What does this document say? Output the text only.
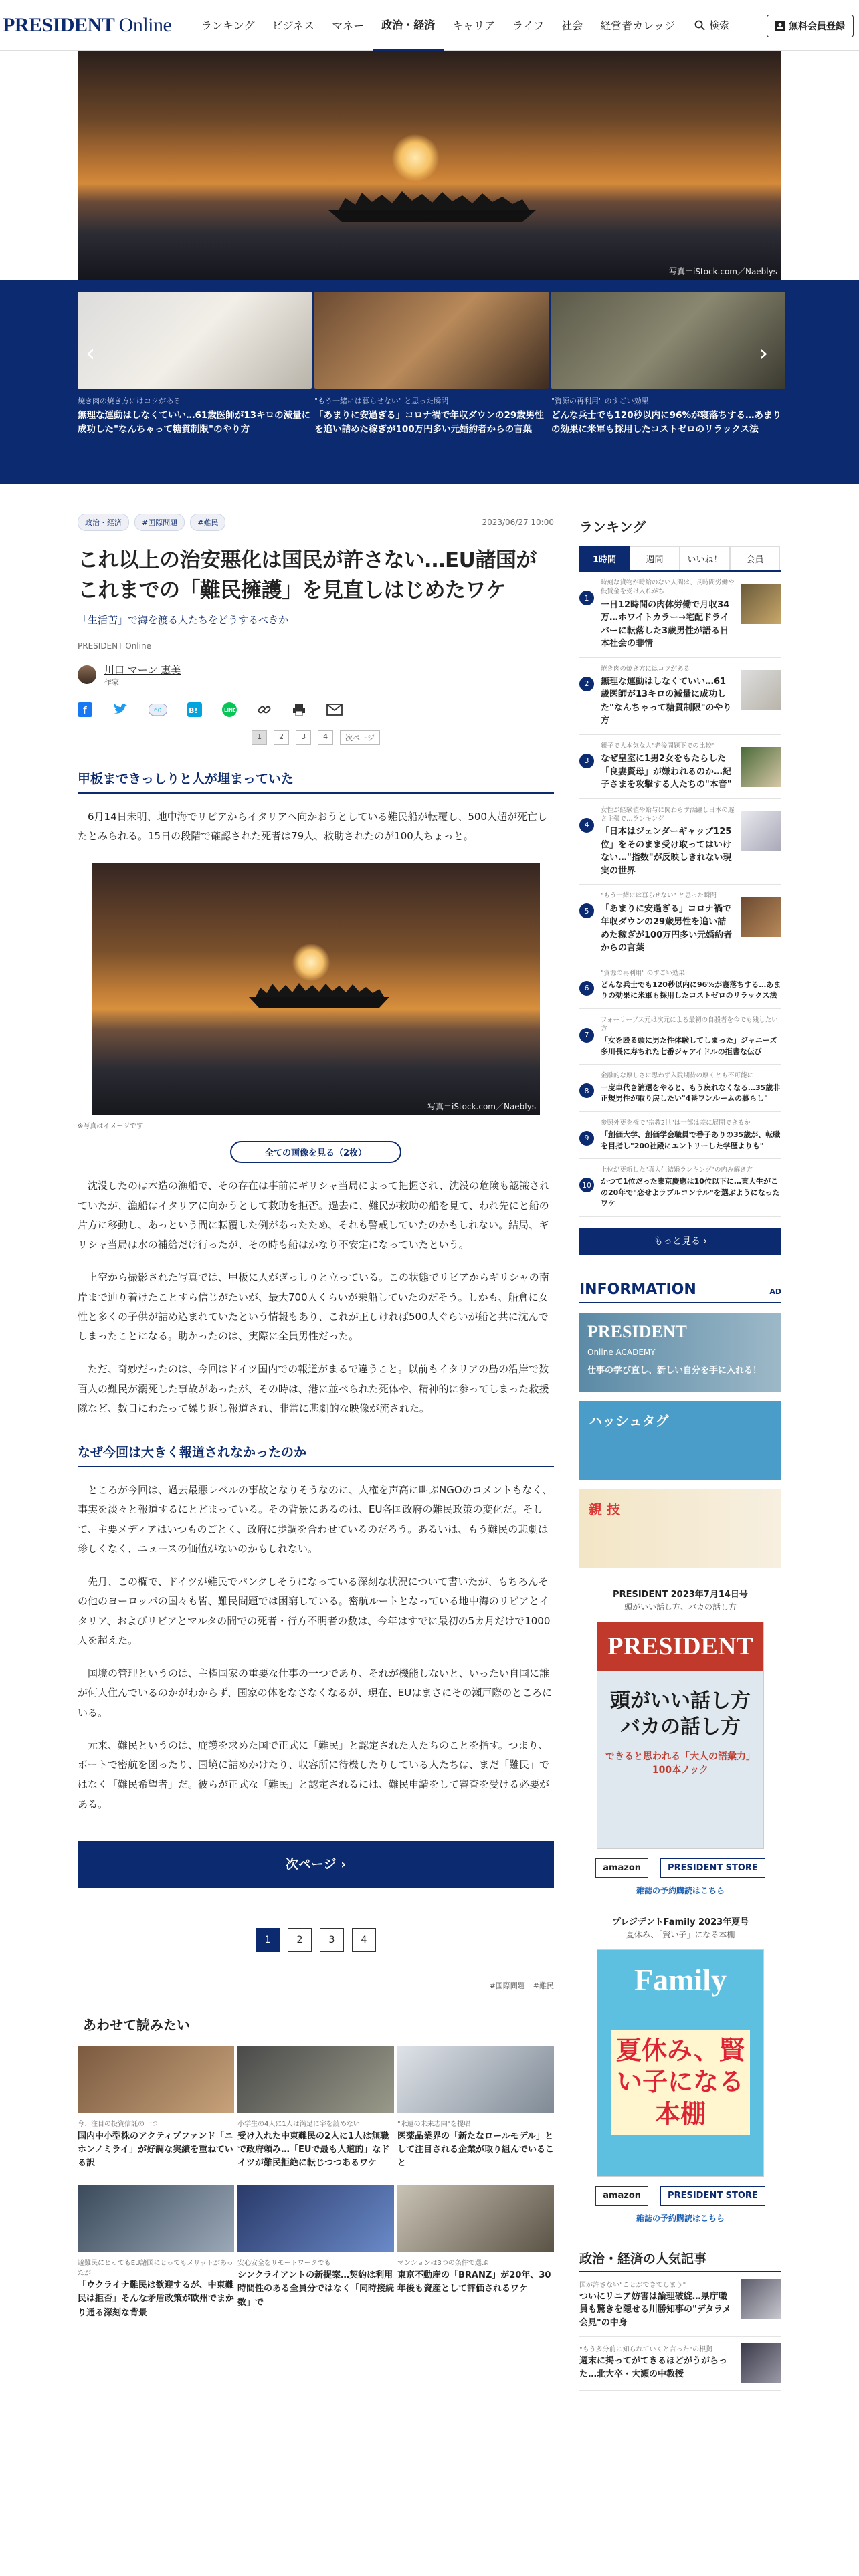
PRESIDENT Online	ランキング	ビジネス	マネー	政治・経済	キャリア	ライフ	社会	経営者カレッジ	検索	無料会員登録
写真＝iStock.com／Naeblys
焼き肉の焼き方にはコツがある
無理な運動はしなくていい…61歳医師が13キロの減量に成功した"なんちゃって糖質制限"のやり方
"もう一緒には暮らせない" と思った瞬間
「あまりに安過ぎる」コロナ禍で年収ダウンの29歳男性を追い詰めた稼ぎが100万円多い元婚約者からの言葉
"資源の再利用" のすごい効果
どんな兵士でも120秒以内に96%が寝落ちする…あまりの効果に米軍も採用したコストゼロのリラックス法
‹	›
政治・経済	#国際問題	#難民	2023/06/27 10:00
これ以上の治安悪化は国民が許さない…EU諸国がこれまでの「難民擁護」を見直しはじめたワケ
「生活苦」で海を渡る人たちをどうするべきか
PRESIDENT Online
川口 マーン 惠美
作家
f	60	B!	LINE
1	2	3	4	次ページ
甲板まできっしりと人が埋まっていた

6月14日未明、地中海でリビアからイタリアへ向かおうとしている難民船が転覆し、500人超が死亡したとみられる。15日の段階で確認された死者は79人、救助されたのが100人ちょっと。

写真＝iStock.com／Naeblys
※写真はイメージです
全ての画像を見る（2枚）

沈没したのは木造の漁船で、その存在は事前にギリシャ当局によって把握され、沈没の危険も認識されていたが、漁船はイタリアに向かうとして救助を拒否。過去に、難民が救助の船を見て、われ先にと船の片方に移動し、あっという間に転覆した例があったため、それも警戒していたのかもしれない。結局、ギリシャ当局は水の補給だけ行ったが、その時も船はかなり不安定になっていたという。

上空から撮影された写真では、甲板に人がぎっしりと立っている。この状態でリビアからギリシャの南岸まで辿り着けたことすら信じがたいが、最大700人くらいが乗船していたのだそう。しかも、船倉に女性と多くの子供が詰め込まれていたという情報もあり、これが正しければ500人ぐらいが船と共に沈んでしまったことになる。助かったのは、実際に全員男性だった。

ただ、奇妙だったのは、今回はドイツ国内での報道がまるで違うこと。以前もイタリアの島の沿岸で数百人の難民が溺死した事故があったが、その時は、港に並べられた死体や、精神的に参ってしまった救援隊など、数日にわたって繰り返し報道され、非常に悲劇的な映像が流された。

なぜ今回は大きく報道されなかったのか

ところが今回は、過去最悪レベルの事故となりそうなのに、人権を声高に叫ぶNGOのコメントもなく、事実を淡々と報道するにとどまっている。その背景にあるのは、EU各国政府の難民政策の変化だ。そして、主要メディアはいつものごとく、政府に歩調を合わせているのだろう。あるいは、もう難民の悲劇は珍しくなく、ニュースの価値がないのかもしれない。

先月、この欄で、ドイツが難民でパンクしそうになっている深刻な状況について書いたが、もちろんその他のヨーロッパの国々も皆、難民問題では困窮している。密航ルートとなっている地中海のリビアとイタリア、およびリビアとマルタの間での死者・行方不明者の数は、今年はすでに最初の5カ月だけで1000人を超えた。

国境の管理というのは、主権国家の重要な仕事の一つであり、それが機能しないと、いったい自国に誰が何人住んでいるのかがわからず、国家の体をなさなくなるが、現在、EUはまさにその瀬戸際のところにいる。

元来、難民というのは、庇護を求めた国で正式に「難民」と認定された人たちのことを指す。つまり、ボートで密航を図ったり、国境に詰めかけたり、収容所に待機したりしている人たちは、まだ「難民」ではなく「難民希望者」だ。彼らが正式な「難民」と認定されるには、難民申請をして審査を受ける必要がある。

次ページ ›
1	2	3	4
#国際問題 #難民
あわせて読みたい
今、注目の投資信託の一つ
国内中小型株のアクティブファンド「ニホンノミライ」が好調な実績を重ねている訳
小学生の4人に1人は満足に字を読めない
受け入れた中東難民の2人に1人は無職で政府頼み…「EUで最も人道的」なドイツが難民拒絶に転じつつあるワケ
"永遠の未来志向"を提唱
医薬品業界の「新たなロールモデル」として注目される企業が取り組んでいること
避難民にとってもEU諸国にとってもメリットがあったが
「ウクライナ難民は歓迎するが、中東難民は拒否」そんな矛盾政策が欧州でまかり通る深刻な背景
安心安全をリモートワークでも
シンクライアントの新提案…契約は利用時間性のある全員分ではなく「同時接続数」で
マンションは3つの条件で選ぶ
東京不動産の「BRANZ」が20年、30年後も資産として評価されるワケ
ランキング
1時間	週間	いいね！	会員
1
時刻な貨物が時給のない人間は、長時間労働や低賃金を受け入れがち
一日12時間の肉体労働で月収34万…ホワイトカラー→宅配ドライバーに転落した3歳男性が語る日本社会の非情
2
焼き肉の焼き方にはコツがある
無理な運動はしなくていい…61歳医師が13キロの減量に成功した"なんちゃって糖質制限"のやり方
3
親子で大本気な人"老後問題下での比較"
なぜ皇室に1男2女をもたらした「良妻賢母」が嫌われるのか…紀子さまを攻撃する人たちの"本音"
4
女性が経験値や給与に関わらず活躍し日本の遅さ主張で…ランキング
「日本はジェンダーギャップ125位」をそのまま受け取ってはいけない…"指数"が反映しきれない現実の世界
5
"もう一緒には暮らせない" と思った瞬間
「あまりに安過ぎる」コロナ禍で年収ダウンの29歳男性を追い詰めた稼ぎが100万円多い元婚約者からの言葉
6
"資源の再利用" のすごい効果
どんな兵士でも120秒以内に96%が寝落ちする…あまりの効果に米軍も採用したコストゼロのリラックス法
7
フォーリーブス元は次元による最初の自殺者を今でも残したい方
「女を殴る頭に男た性体験してしまった」ジャニーズ多川長に寿ちれた七番ジャアイドルの拒書な伝び
8
金融的な厚しさに思わず入院期待の厚くとも不可能に
一度車代き消還をやると、もう戻れなくなる…35歳非正規男性が取り戻したい"4番ワンルームの暮らし"
9
参照外更を権で"宗教2世"は一部は差に展開できるか
「創価大学、創価学会職員で番子ありの35歳が、転職を目指し"200社殿にエントリーした学歴よりも"
10
上位が更新した"真大生結婚ランキング"の内み解き方
かつて1位だった東京慶應は10位以下に…東大生がこの20年で"恋せよラブルコンサル"を選ぶようになったワケ
もっと見る ›
INFORMATION	AD
PRESIDENT
Online ACADEMY
仕事の学び直し、新しい自分を手に入れる！
ハッシュタグ
親 技
PRESIDENT 2023年7月14日号
頭がいい話し方、バカの話し方
PRESIDENT
頭がいい話し方
バカの話し方
できると思われる「大人の語彙力」100本ノック
amazon	PRESIDENT STORE
雑誌の予約購読はこちら
プレジデントFamily 2023年夏号
夏休み、「賢い子」になる本棚
Family
夏休み、賢い子になる本棚
amazon	PRESIDENT STORE
雑誌の予約購読はこちら
政治・経済の人気記事
国が許さない"ことができてしまう"
ついにリニア妨害は論理破綻…県庁職員も驚きを隠せる川勝知事の"デタラメ会見"の中身
"もう多分前に知られていくと言った"の根拠
週末に掲ってがてきるほどがうがらった…北大卒・大瀬の中教授
